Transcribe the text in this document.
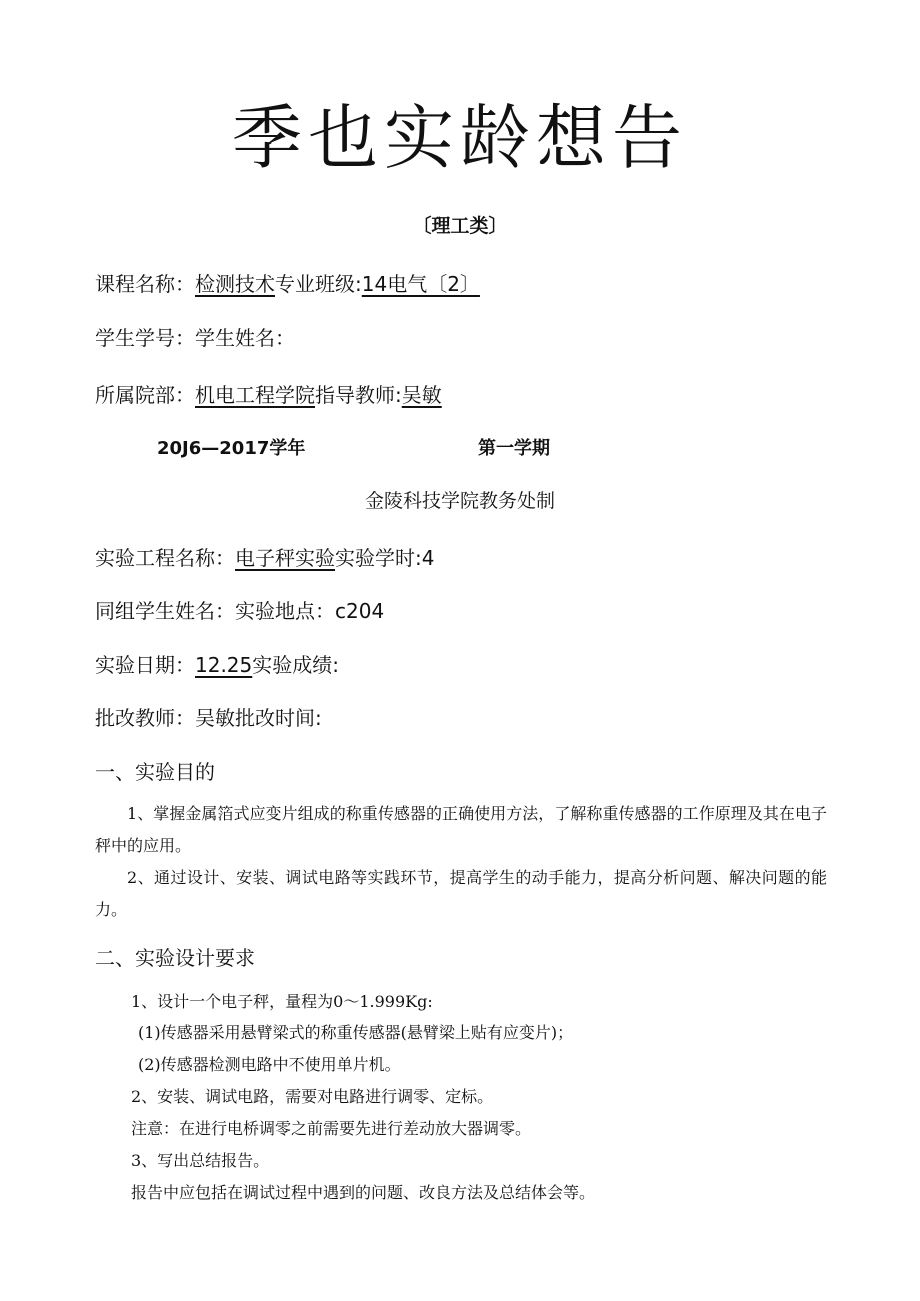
季也实龄想告
〔理工类〕
课程名称：检测技术专业班级:14电气〔2〕
学生学号：学生姓名：
所属院部：机电工程学院指导教师:吴敏
20J6—2017学年	第一学期
金陵科技学院教务处制
实验工程名称：电子秤实验实验学时:4
同组学生姓名：实验地点：c204
实验日期：12.25实验成绩:
批改教师：吴敏批改时间:
一、实验目的
1、掌握金属箔式应变片组成的称重传感器的正确使用方法，了解称重传感器的工作原理及其在电子秤中的应用。
2、通过设计、安装、调试电路等实践环节，提高学生的动手能力，提高分析问题、解决问题的能力。
二、实验设计要求
1、设计一个电子秤，量程为0～1.999Kg:
(1)传感器采用悬臂梁式的称重传感器(悬臂梁上贴有应变片)；
(2)传感器检测电路中不使用单片机。
2、安装、调试电路，需要对电路进行调零、定标。
注意：在进行电桥调零之前需要先进行差动放大器调零。
3、写出总结报告。
报告中应包括在调试过程中遇到的问题、改良方法及总结体会等。
